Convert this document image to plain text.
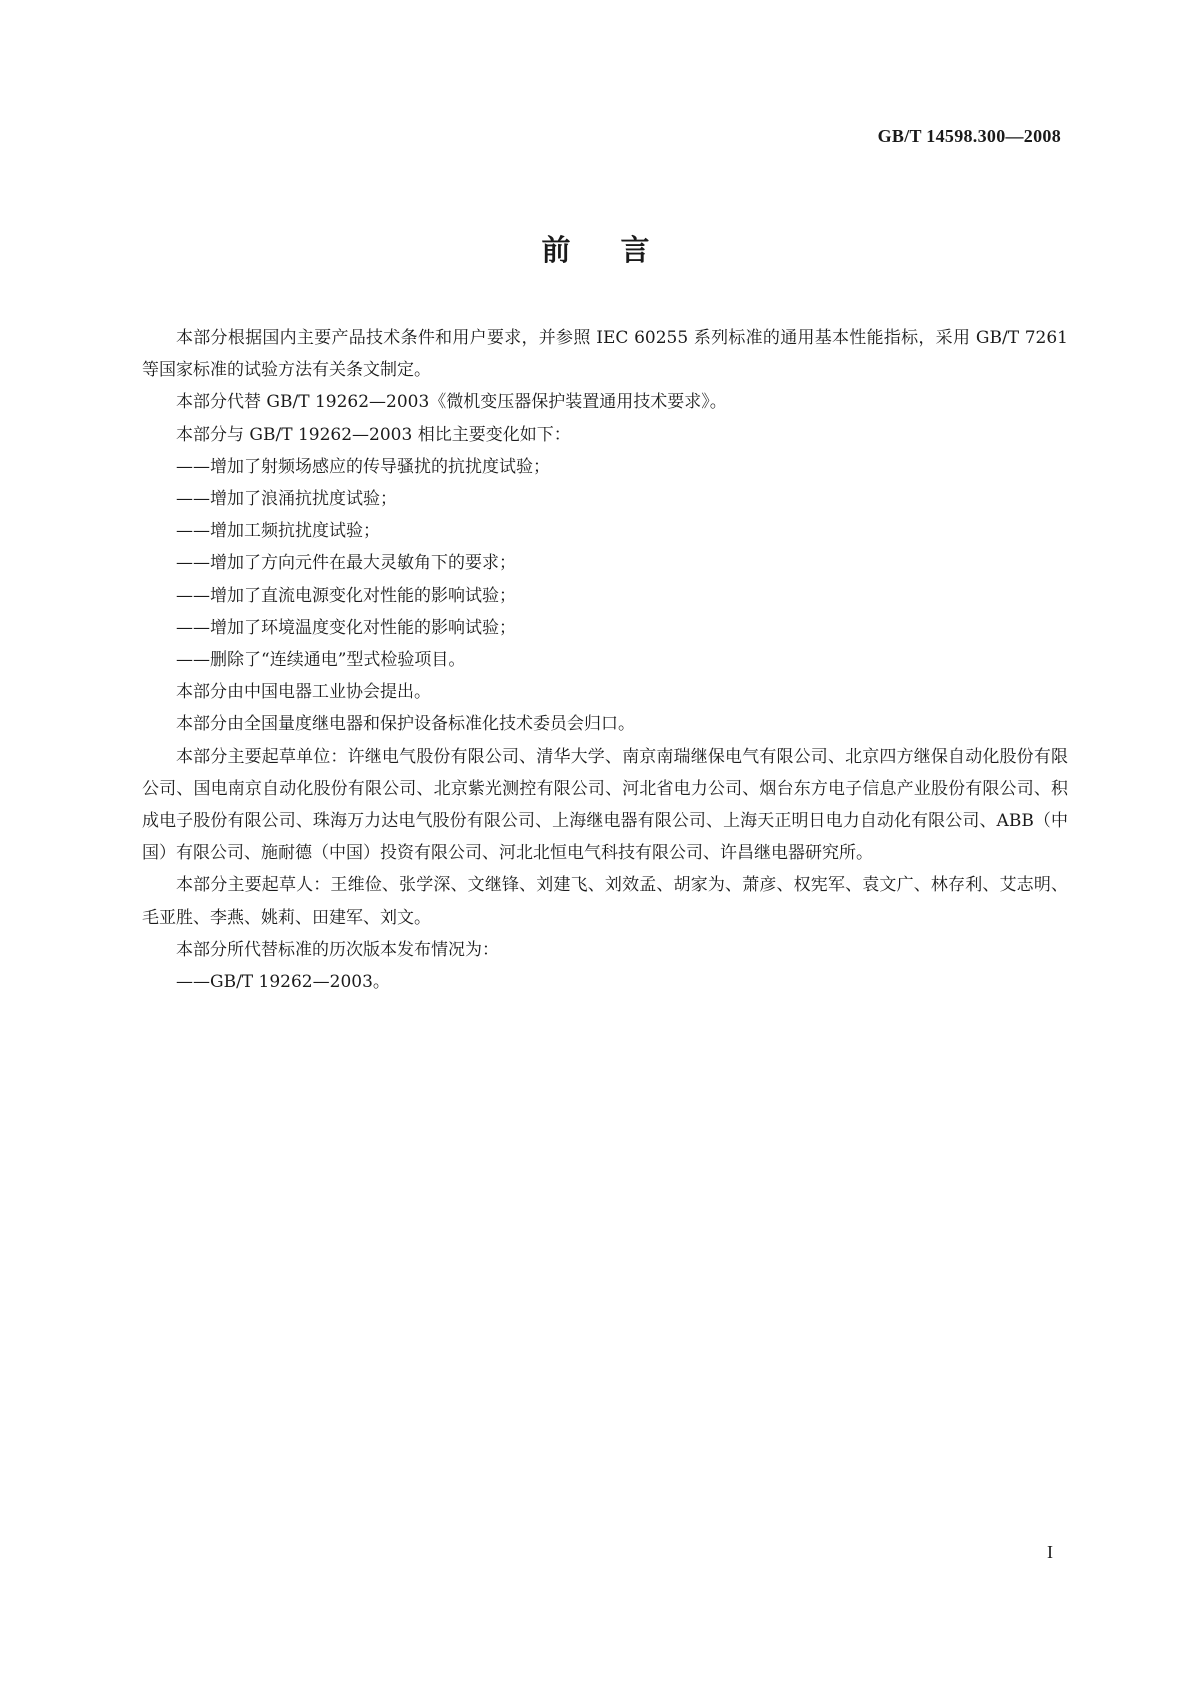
GB/T 14598.300—2008
前言

本部分根据国内主要产品技术条件和用户要求，并参照 IEC 60255 系列标准的通用基本性能指标，采用 GB/T 7261 等国家标准的试验方法有关条文制定。

本部分代替 GB/T 19262—2003《微机变压器保护装置通用技术要求》。

本部分与 GB/T 19262—2003 相比主要变化如下：

——增加了射频场感应的传导骚扰的抗扰度试验；

——增加了浪涌抗扰度试验；

——增加工频抗扰度试验；

——增加了方向元件在最大灵敏角下的要求；

——增加了直流电源变化对性能的影响试验；

——增加了环境温度变化对性能的影响试验；

——删除了“连续通电”型式检验项目。

本部分由中国电器工业协会提出。

本部分由全国量度继电器和保护设备标准化技术委员会归口。

本部分主要起草单位：许继电气股份有限公司、清华大学、南京南瑞继保电气有限公司、北京四方继保自动化股份有限公司、国电南京自动化股份有限公司、北京紫光测控有限公司、河北省电力公司、烟台东方电子信息产业股份有限公司、积成电子股份有限公司、珠海万力达电气股份有限公司、上海继电器有限公司、上海天正明日电力自动化有限公司、ABB（中国）有限公司、施耐德（中国）投资有限公司、河北北恒电气科技有限公司、许昌继电器研究所。

本部分主要起草人：王维俭、张学深、文继锋、刘建飞、刘效孟、胡家为、萧彦、权宪军、袁文广、林存利、艾志明、毛亚胜、李燕、姚莉、田建军、刘文。

本部分所代替标准的历次版本发布情况为：

——GB/T 19262—2003。

I
